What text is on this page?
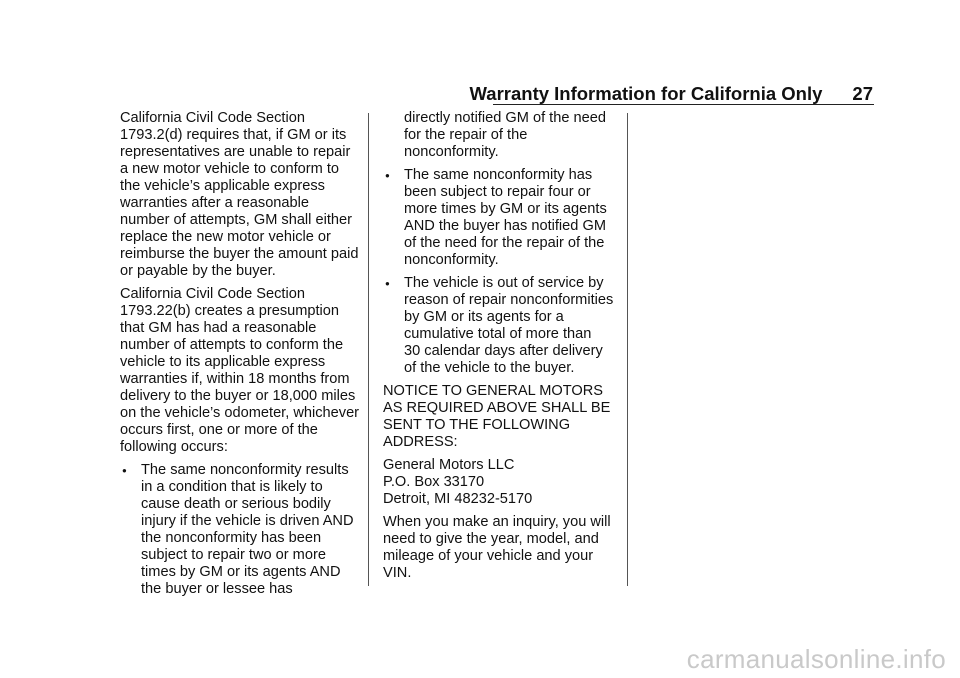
Warranty Information for California Only 27

California Civil Code Section 1793.2(d) requires that, if GM or its representatives are unable to repair a new motor vehicle to conform to the vehicle’s applicable express warranties after a reasonable number of attempts, GM shall either replace the new motor vehicle or reimburse the buyer the amount paid or payable by the buyer.

California Civil Code Section 1793.22(b) creates a presumption that GM has had a reasonable number of attempts to conform the vehicle to its applicable express warranties if, within 18 months from delivery to the buyer or 18,000 miles on the vehicle’s odometer, whichever occurs first, one or more of the following occurs:

● The same nonconformity results in a condition that is likely to cause death or serious bodily injury if the vehicle is driven AND the nonconformity has been subject to repair two or more times by GM or its agents AND the buyer or lessee has

directly notified GM of the need for the repair of the nonconformity.

● The same nonconformity has been subject to repair four or more times by GM or its agents AND the buyer has notified GM of the need for the repair of the nonconformity.
● The vehicle is out of service by reason of repair nonconformities by GM or its agents for a cumulative total of more than 30 calendar days after delivery of the vehicle to the buyer.

NOTICE TO GENERAL MOTORS AS REQUIRED ABOVE SHALL BE SENT TO THE FOLLOWING ADDRESS:

General Motors LLC
P.O. Box 33170
Detroit, MI 48232-5170

When you make an inquiry, you will need to give the year, model, and mileage of your vehicle and your VIN.

carmanualsonline.info
